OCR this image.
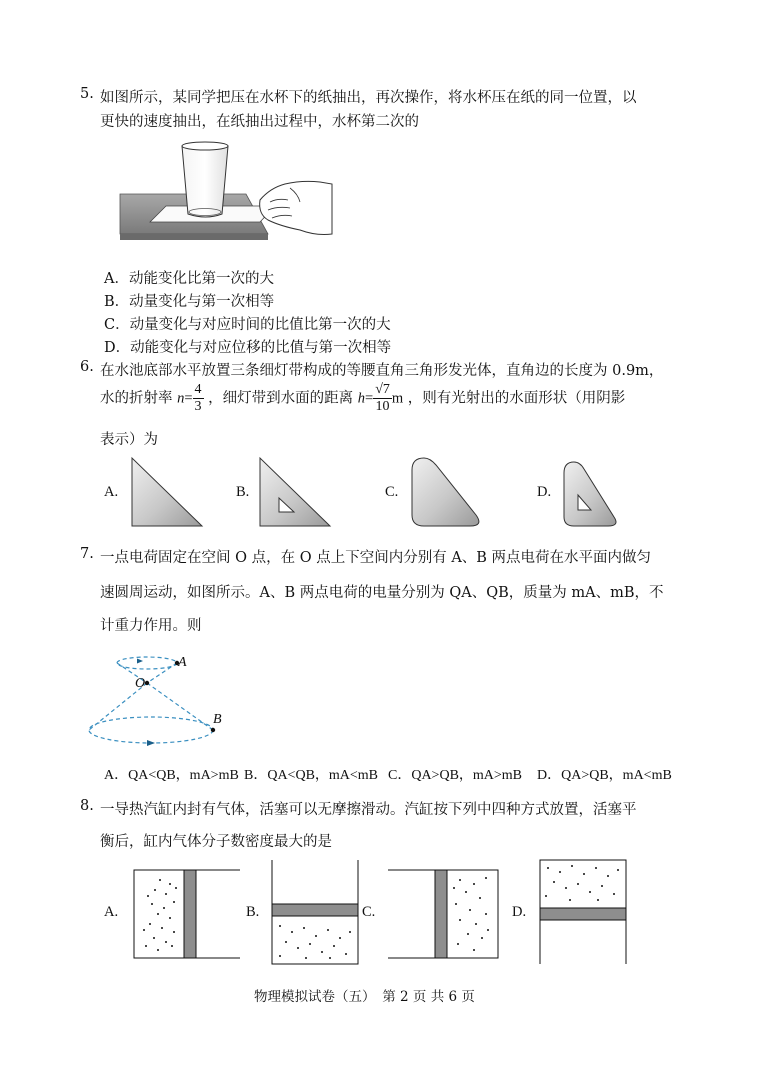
5. 如图所示，某同学把压在水杯下的纸抽出，再次操作，将水杯压在纸的同一位置，以
更快的速度抽出，在纸抽出过程中，水杯第二次的
A．动能变化比第一次的大
B．动量变化与第一次相等
C．动量变化与对应时间的比值比第一次的大
D．动能变化与对应位移的比值与第一次相等
6. 在水池底部水平放置三条细灯带构成的等腰直角三角形发光体，直角边的长度为 0.9m，
水的折射率 $n= \frac{4}{3}$ ，细灯带到水面的距离 $h= \frac{√7}{10}$ m ，则有光射出的水面形状（用阴影
表示）为
A.	B.	C.	D.
7. 一点电荷固定在空间 O 点，在 O 点上下空间内分别有 A、B 两点电荷在水平面内做匀
速圆周运动，如图所示。A、B 两点电荷的电量分别为 QA、QB，质量为 mA、mB，不
计重力作用。则
A
O
B
A．QA<QB，mA>mB B．QA<QB，mA<mB C．QA>QB，mA>mB D．QA>QB，mA<mB
8. 一导热汽缸内封有气体，活塞可以无摩擦滑动。汽缸按下列中四种方式放置，活塞平
衡后，缸内气体分子数密度最大的是
A.	B.	C.	D.
物理模拟试卷（五）　第 2 页 共 6 页
